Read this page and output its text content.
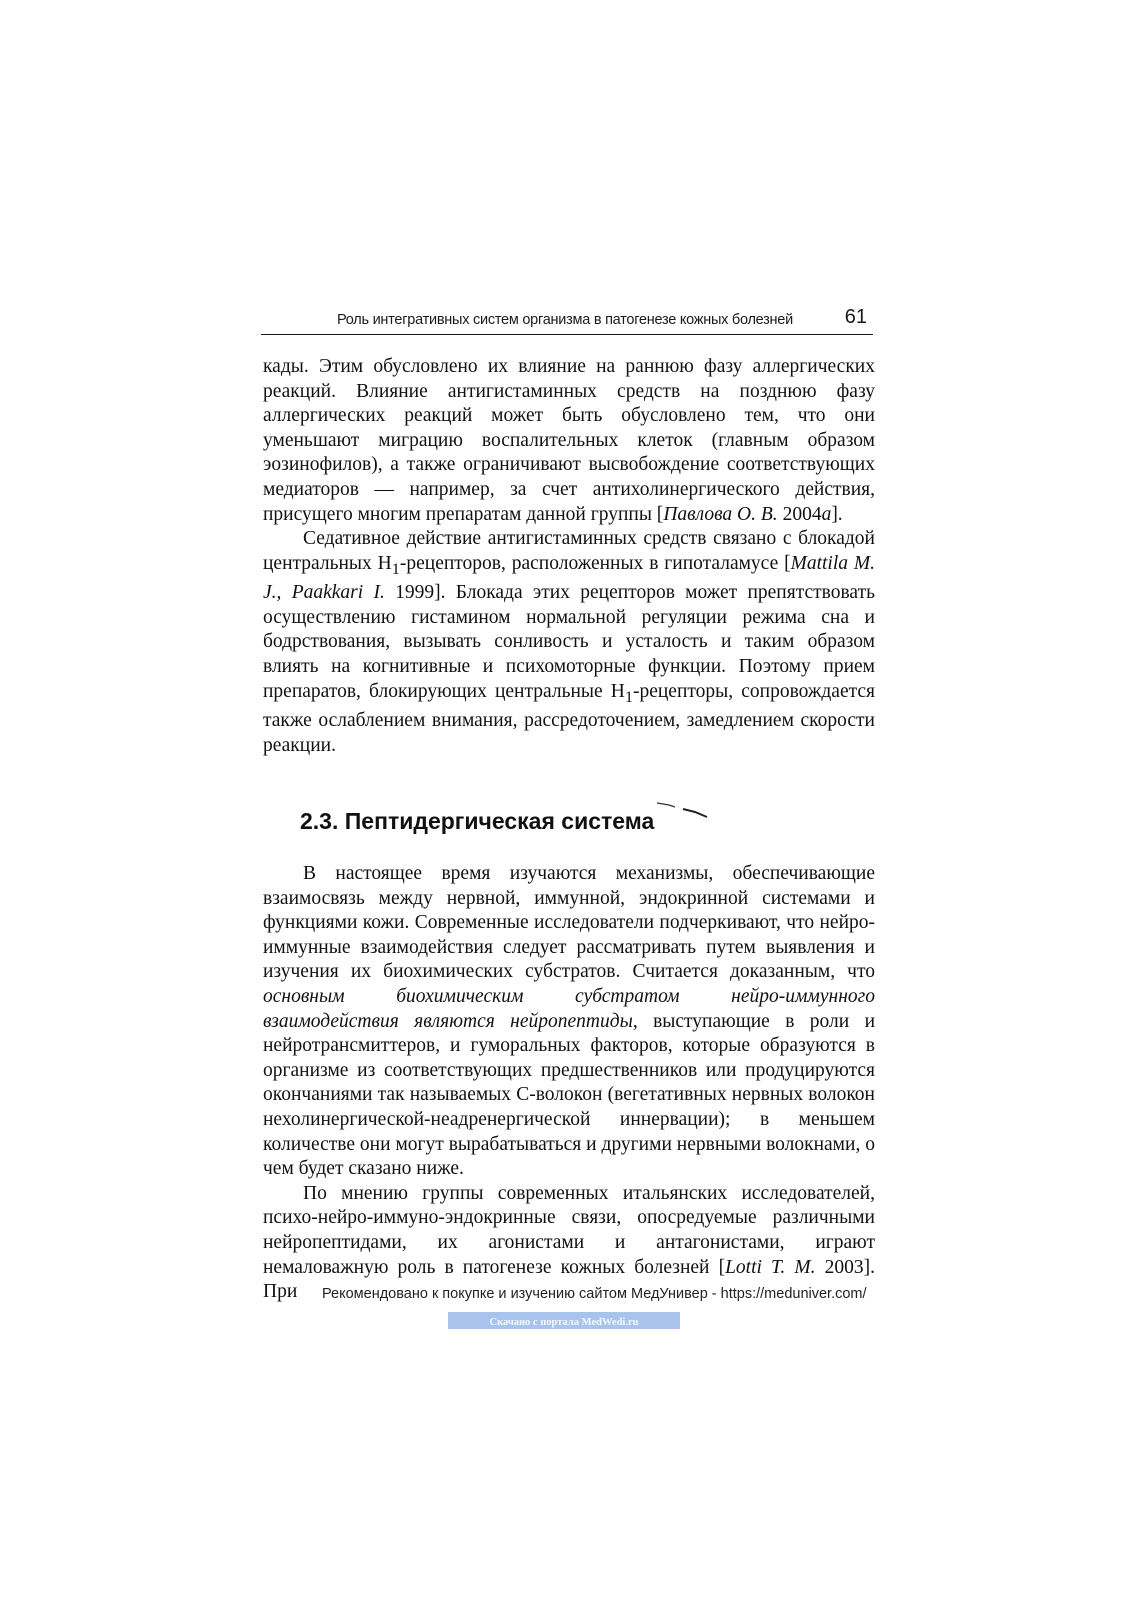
Роль интегративных систем организма в патогенезе кожных болезней	61

кады. Этим обусловлено их влияние на раннюю фазу аллергических реакций. Влияние антигистаминных средств на позднюю фазу аллергических реакций может быть обусловлено тем, что они уменьшают миграцию воспалительных клеток (главным образом эозинофилов), а также ограничивают высвобождение соответствующих медиаторов — например, за счет антихолинергического действия, присущего многим препаратам данной группы [Павлова О. В. 2004а].

Седативное действие антигистаминных средств связано с блокадой центральных $H_1$-рецепторов, расположенных в гипоталамусе [Mattila M. J., Paakkari I. 1999]. Блокада этих рецепторов может препятствовать осуществлению гистамином нормальной регуляции режима сна и бодрствования, вызывать сонливость и усталость и таким образом влиять на когнитивные и психомоторные функции. Поэтому прием препаратов, блокирующих центральные $H_1$-рецепторы, сопровождается также ослаблением внимания, рассредоточением, замедлением скорости реакции.

2.3. Пептидергическая система

В настоящее время изучаются механизмы, обеспечивающие взаимосвязь между нервной, иммунной, эндокринной системами и функциями кожи. Современные исследователи подчеркивают, что нейро-иммунные взаимодействия следует рассматривать путем выявления и изучения их биохимических субстратов. Считается доказанным, что основным биохимическим субстратом нейро-иммунного взаимодействия являются нейропептиды, выступающие в роли и нейротрансмиттеров, и гуморальных факторов, которые образуются в организме из соответствующих предшественников или продуцируются окончаниями так называемых С-волокон (вегетативных нервных волокон нехолинергической-неадренергической иннервации); в меньшем количестве они могут вырабатываться и другими нервными волокнами, о чем будет сказано ниже.

По мнению группы современных итальянских исследователей, психо-нейро-иммуно-эндокринные связи, опосредуемые различными нейропептидами, их агонистами и антагонистами, играют немаловажную роль в патогенезе кожных болезней [Lotti T. M. 2003]. При	Рекомендовано к покупке и изучению сайтом МедУнивер - https://meduniver.com/
Скачано с портала MedWedi.ru
